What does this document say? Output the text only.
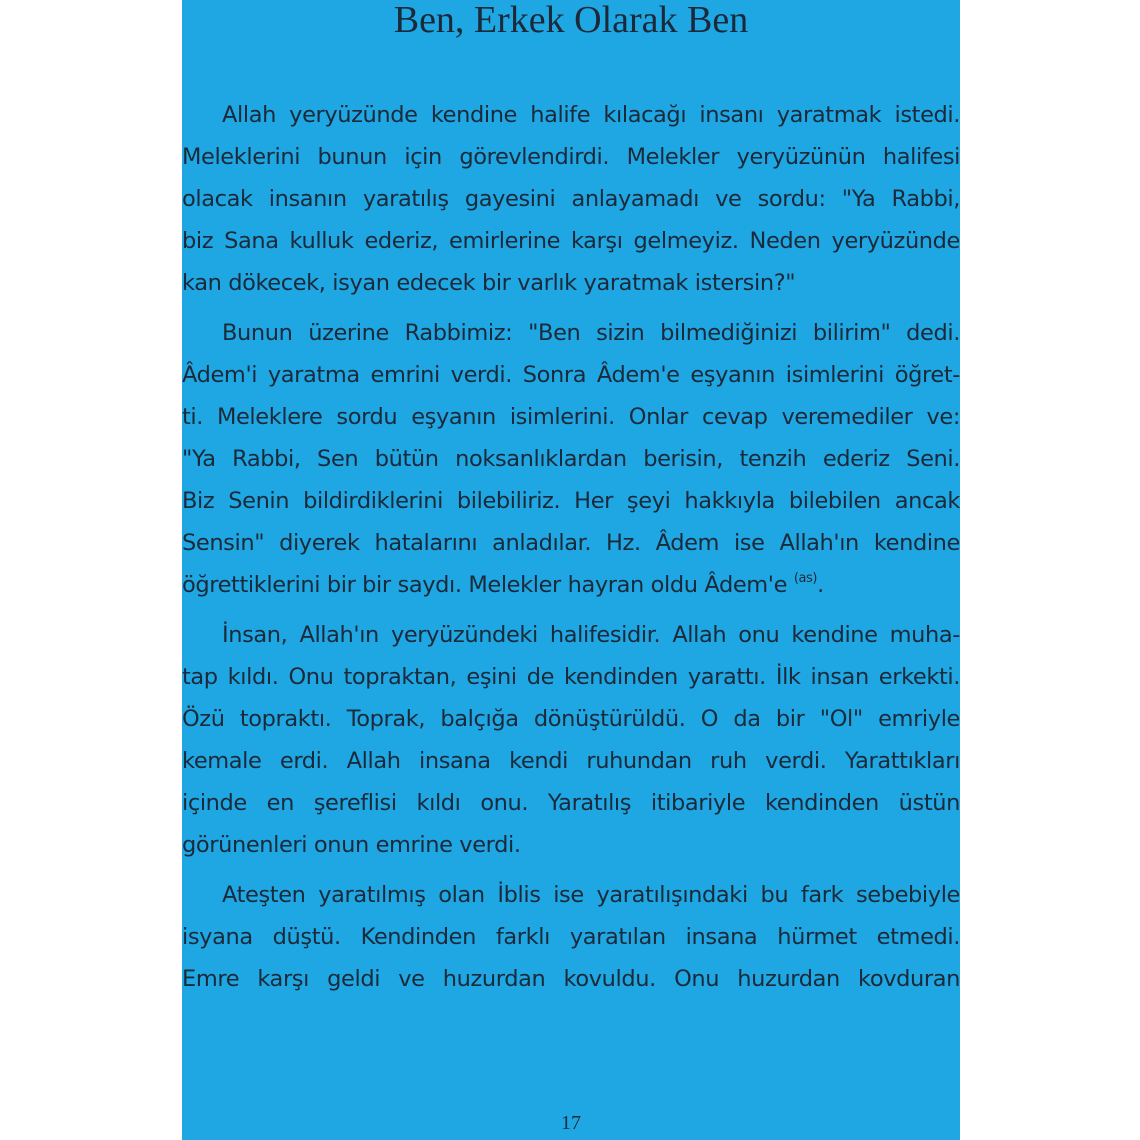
Ben, Erkek Olarak Ben

Allah yeryüzünde kendine halife kılacağı insanı yaratmak istedi.
Meleklerini bunun için görevlendirdi. Melekler yeryüzünün halifesi
olacak insanın yaratılış gayesini anlayamadı ve sordu: "Ya Rabbi,
biz Sana kulluk ederiz, emirlerine karşı gelmeyiz. Neden yeryüzünde
kan dökecek, isyan edecek bir varlık yaratmak istersin?"

Bunun üzerine Rabbimiz: "Ben sizin bilmediğinizi bilirim" dedi.
Âdem'i yaratma emrini verdi. Sonra Âdem'e eşyanın isimlerini öğret-
ti. Meleklere sordu eşyanın isimlerini. Onlar cevap veremediler ve:
"Ya Rabbi, Sen bütün noksanlıklardan berisin, tenzih ederiz Seni.
Biz Senin bildirdiklerini bilebiliriz. Her şeyi hakkıyla bilebilen ancak
Sensin" diyerek hatalarını anladılar. Hz. Âdem ise Allah'ın kendine
öğrettiklerini bir bir saydı. Melekler hayran oldu Âdem'e $^{(as)}$.

İnsan, Allah'ın yeryüzündeki halifesidir. Allah onu kendine muha-
tap kıldı. Onu topraktan, eşini de kendinden yarattı. İlk insan erkekti.
Özü topraktı. Toprak, balçığa dönüştürüldü. O da bir "Ol" emriyle
kemale erdi. Allah insana kendi ruhundan ruh verdi. Yarattıkları
içinde en şereflisi kıldı onu. Yaratılış itibariyle kendinden üstün
görünenleri onun emrine verdi.

Ateşten yaratılmış olan İblis ise yaratılışındaki bu fark sebebiyle
isyana düştü. Kendinden farklı yaratılan insana hürmet etmedi.
Emre karşı geldi ve huzurdan kovuldu. Onu huzurdan kovduran

17
